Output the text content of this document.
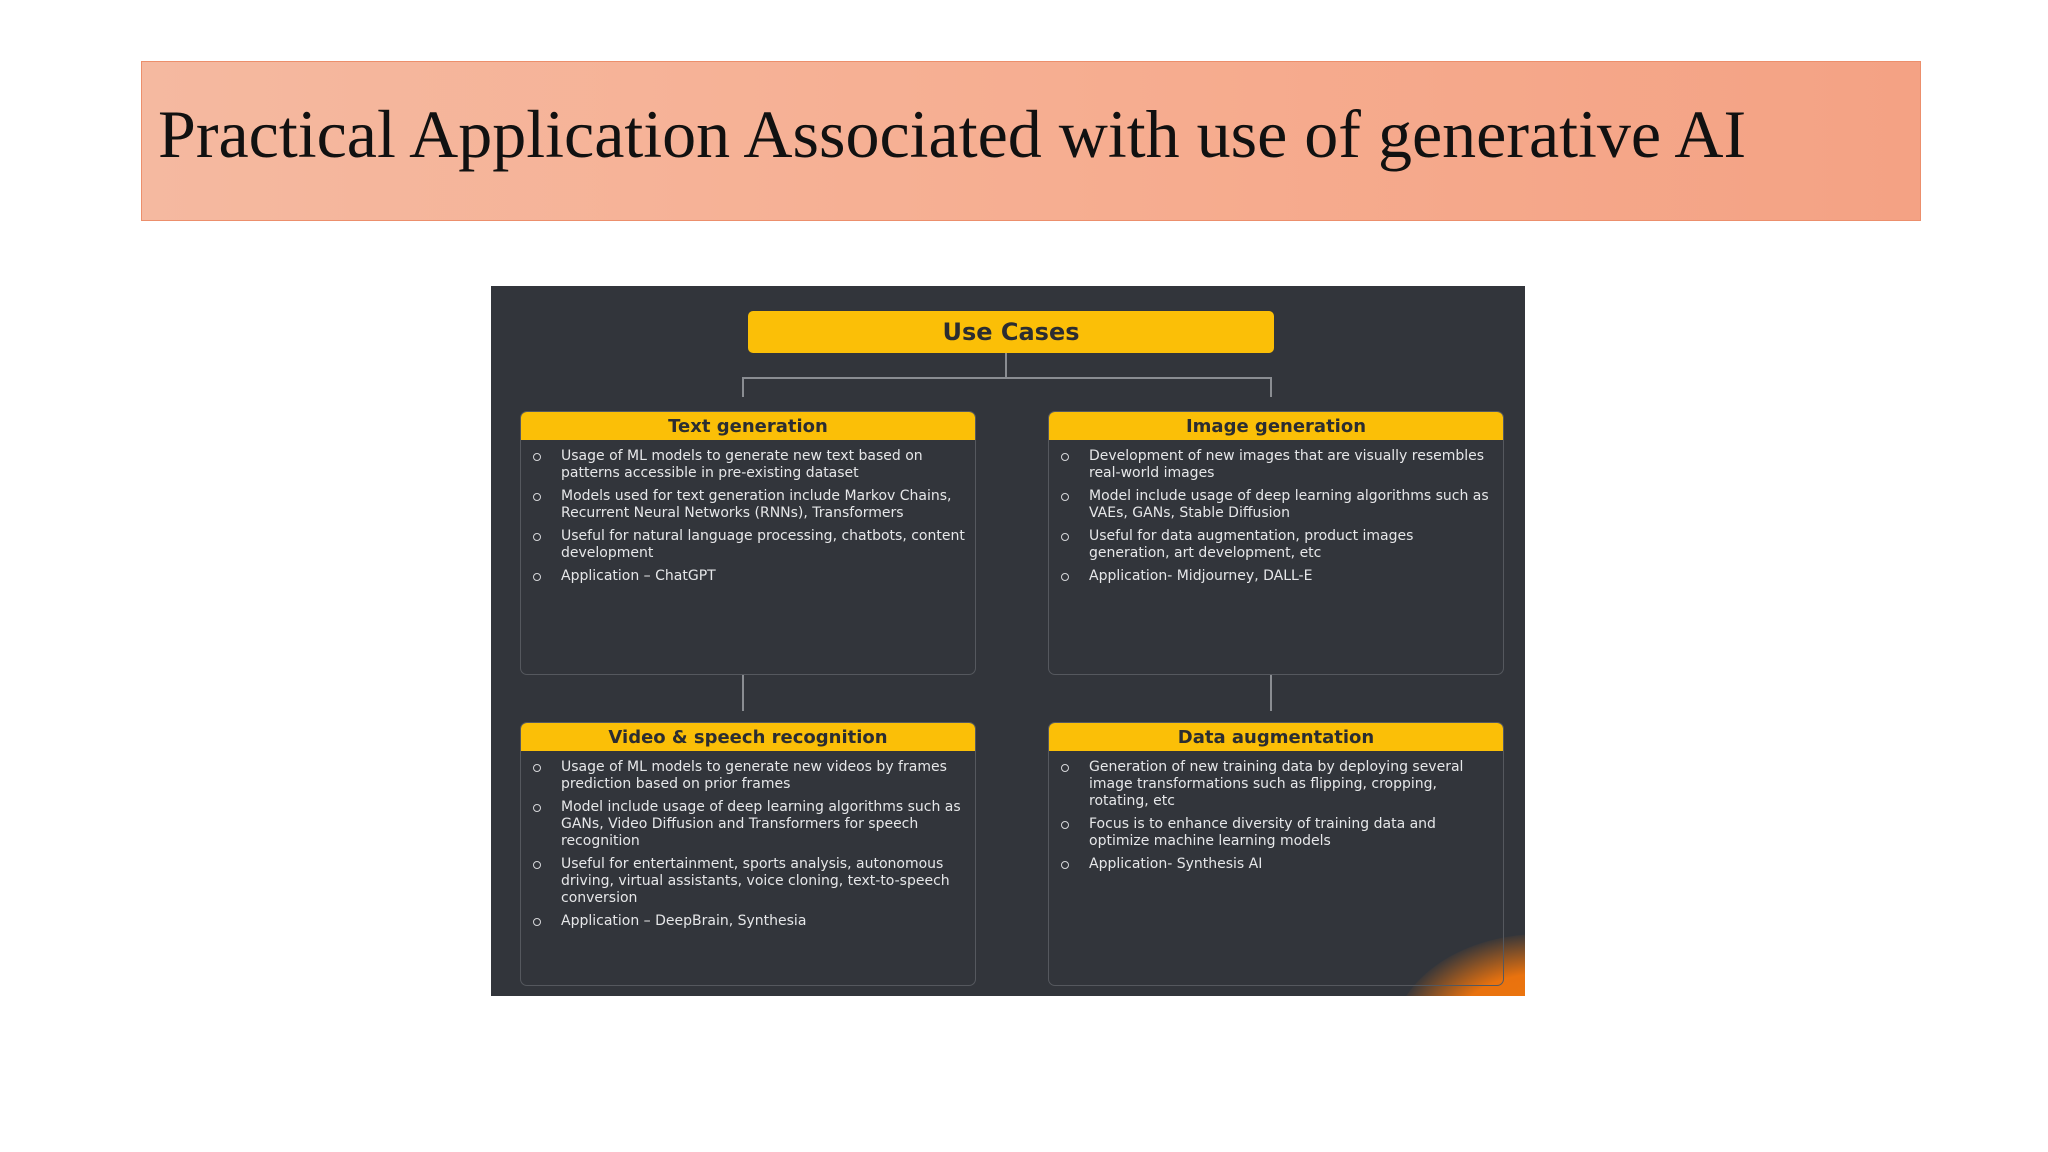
Practical Application Associated with use of generative AI
Use Cases
Text generation
Usage of ML models to generate new text based on patterns accessible in pre-existing dataset
Models used for text generation include Markov Chains, Recurrent Neural Networks (RNNs), Transformers
Useful for natural language processing, chatbots, content development
Application – ChatGPT
Image generation
Development of new images that are visually resembles real-world images
Model include usage of deep learning algorithms such as VAEs, GANs, Stable Diffusion
Useful for data augmentation, product images generation, art development, etc
Application- Midjourney, DALL-E
Video & speech recognition
Usage of ML models to generate new videos by frames prediction based on prior frames
Model include usage of deep learning algorithms such as GANs, Video Diffusion and Transformers for speech recognition
Useful for entertainment, sports analysis, autonomous driving, virtual assistants, voice cloning, text-to-speech conversion
Application – DeepBrain, Synthesia
Data augmentation
Generation of new training data by deploying several image transformations such as flipping, cropping, rotating, etc
Focus is to enhance diversity of training data and optimize machine learning models
Application- Synthesis AI
